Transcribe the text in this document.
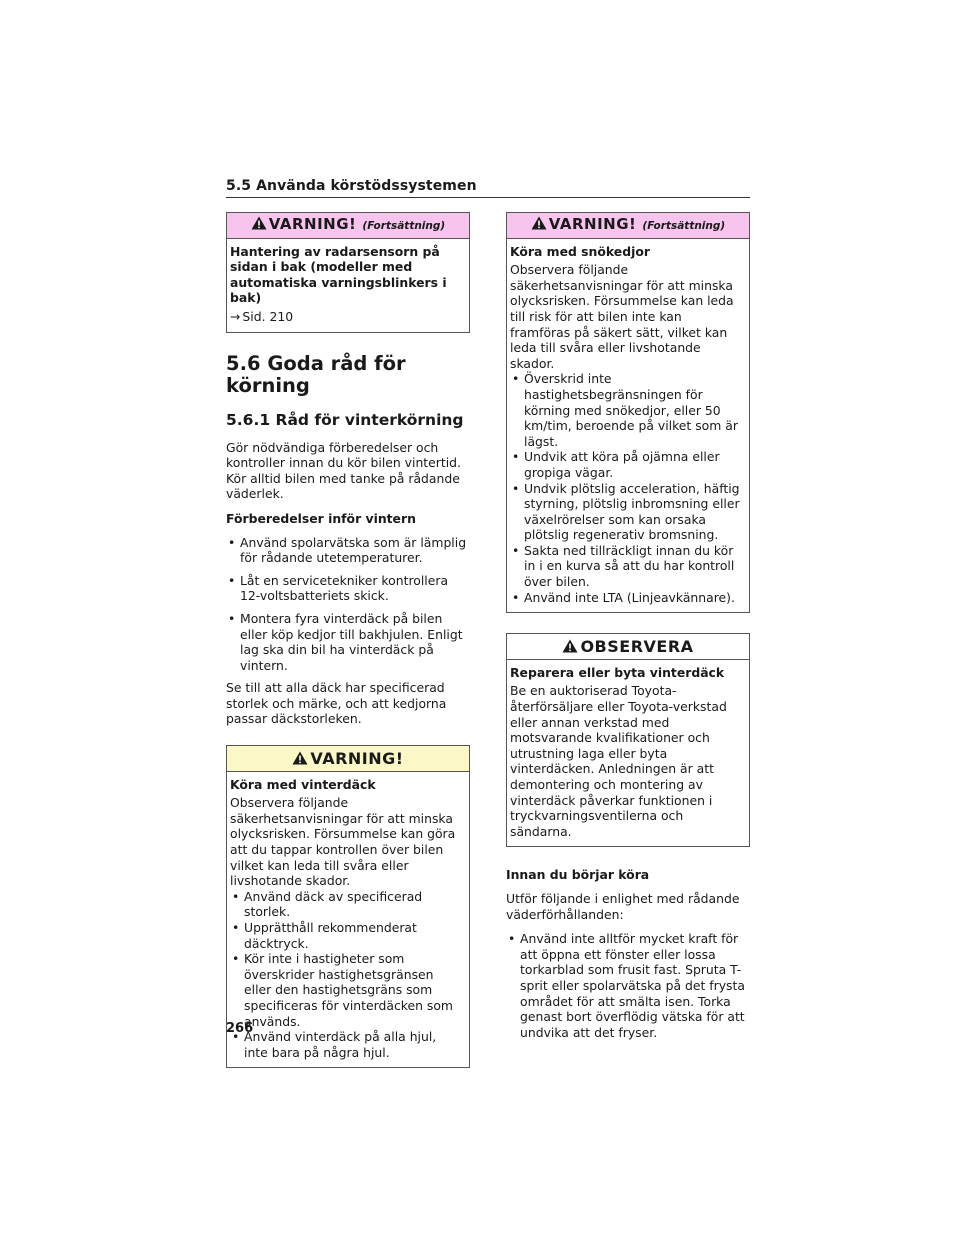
5.5 Använda körstödssystemen
VARNING! (Fortsättning)
Hantering av radarsensorn på sidan i bak (modeller med automatiska varningsblinkers i bak)

→ Sid. 210

5.6 Goda råd för körning
5.6.1 Råd för vinterkörning

Gör nödvändiga förberedelser och kontroller innan du kör bilen vintertid. Kör alltid bilen med tanke på rådande väderlek.

Förberedelser inför vintern

• Använd spolarvätska som är lämplig för rådande utetemperaturer.
• Låt en servicetekniker kontrollera 12-voltsbatteriets skick.
• Montera fyra vinterdäck på bilen eller köp kedjor till bakhjulen. Enligt lag ska din bil ha vinterdäck på vintern.

Se till att alla däck har specificerad storlek och märke, och att kedjorna passar däckstorleken.

VARNING!
Köra med vinterdäck

Observera följande säkerhetsanvisningar för att minska olycksrisken. Försummelse kan göra att du tappar kontrollen över bilen vilket kan leda till svåra eller livshotande skador.

• Använd däck av specificerad storlek.
• Upprätthåll rekommenderat däcktryck.
• Kör inte i hastigheter som överskrider hastighetsgränsen eller den hastighetsgräns som specificeras för vinterdäcken som används.
• Använd vinterdäck på alla hjul, inte bara på några hjul.
VARNING! (Fortsättning)
Köra med snökedjor

Observera följande säkerhetsanvisningar för att minska olycksrisken. Försummelse kan leda till risk för att bilen inte kan framföras på säkert sätt, vilket kan leda till svåra eller livshotande skador.

• Överskrid inte hastighetsbegränsningen för körning med snökedjor, eller 50 km/tim, beroende på vilket som är lägst.
• Undvik att köra på ojämna eller gropiga vägar.
• Undvik plötslig acceleration, häftig styrning, plötslig inbromsning eller växelrörelser som kan orsaka plötslig regenerativ bromsning.
• Sakta ned tillräckligt innan du kör in i en kurva så att du har kontroll över bilen.
• Använd inte LTA (Linjeavkännare).
OBSERVERA
Reparera eller byta vinterdäck

Be en auktoriserad Toyota-återförsäljare eller Toyota-verkstad eller annan verkstad med motsvarande kvalifikationer och utrustning laga eller byta vinterdäcken. Anledningen är att demontering och montering av vinterdäck påverkar funktionen i tryckvarningsventilerna och sändarna.

Innan du börjar köra

Utför följande i enlighet med rådande väderförhållanden:

• Använd inte alltför mycket kraft för att öppna ett fönster eller lossa torkarblad som frusit fast. Spruta T-sprit eller spolarvätska på det frysta området för att smälta isen. Torka genast bort överflödig vätska för att undvika att det fryser.
266
